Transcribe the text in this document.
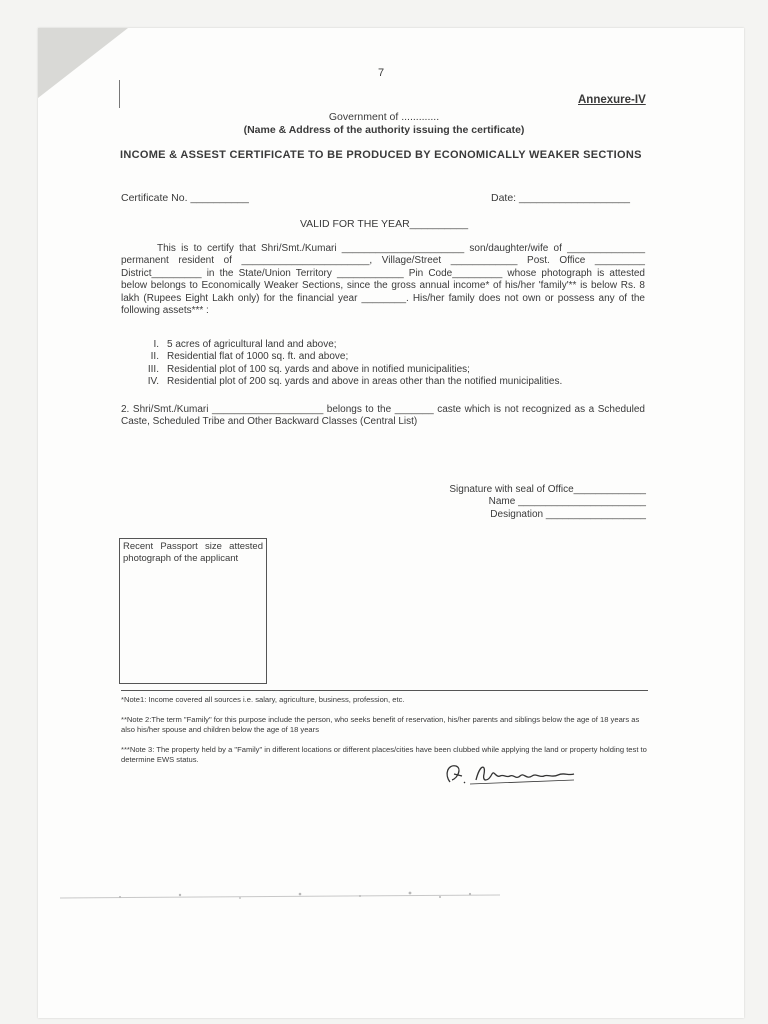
7
Annexure-IV
Government of .............
(Name & Address of the authority issuing the certificate)
INCOME & ASSEST CERTIFICATE TO BE PRODUCED BY ECONOMICALLY WEAKER SECTIONS
Certificate No. __________	Date: ___________________
VALID FOR THE YEAR__________
This is to certify that Shri/Smt./Kumari ______________________ son/daughter/wife of ______________ permanent resident of _______________________, Village/Street ____________ Post. Office _________ District_________ in the State/Union Territory ____________ Pin Code_________ whose photograph is attested below belongs to Economically Weaker Sections, since the gross annual income* of his/her 'family'** is below Rs. 8 lakh (Rupees Eight Lakh only) for the financial year ________. His/her family does not own or possess any of the following assets*** :
I. 5 acres of agricultural land and above;
II. Residential flat of 1000 sq. ft. and above;
III. Residential plot of 100 sq. yards and above in notified municipalities;
IV. Residential plot of 200 sq. yards and above in areas other than the notified municipalities.
2. Shri/Smt./Kumari ____________________ belongs to the _______ caste which is not recognized as a Scheduled Caste, Scheduled Tribe and Other Backward Classes (Central List)
Signature with seal of Office_____________
Name _______________________
Designation __________________
Recent Passport size attested photograph of the applicant
*Note1: Income covered all sources i.e. salary, agriculture, business, profession, etc.
**Note 2:The term "Family" for this purpose include the person, who seeks benefit of reservation, his/her parents and siblings below the age of 18 years as also his/her spouse and children below the age of 18 years
***Note 3: The property held by a "Family" in different locations or different places/cities have been clubbed while applying the land or property holding test to determine EWS status.
